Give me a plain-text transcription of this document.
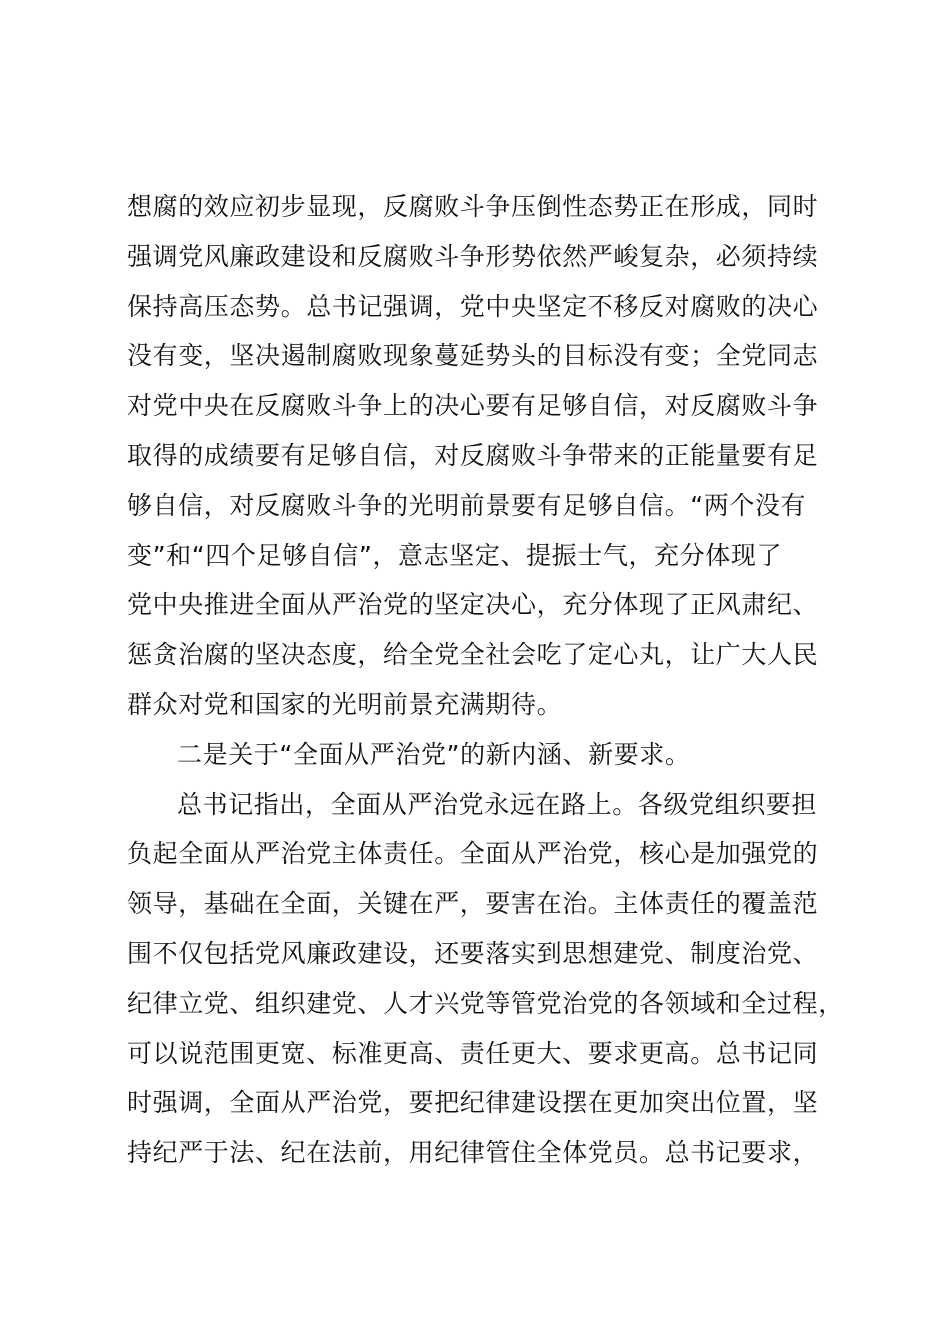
想腐的效应初步显现，反腐败斗争压倒性态势正在形成，同时
强调党风廉政建设和反腐败斗争形势依然严峻复杂，必须持续
保持高压态势。总书记强调，党中央坚定不移反对腐败的决心
没有变，坚决遏制腐败现象蔓延势头的目标没有变；全党同志
对党中央在反腐败斗争上的决心要有足够自信，对反腐败斗争
取得的成绩要有足够自信，对反腐败斗争带来的正能量要有足
够自信，对反腐败斗争的光明前景要有足够自信。“两个没有
变”和“四个足够自信”，意志坚定、提振士气，充分体现了
党中央推进全面从严治党的坚定决心，充分体现了正风肃纪、
惩贪治腐的坚决态度，给全党全社会吃了定心丸，让广大人民
群众对党和国家的光明前景充满期待。
二是关于“全面从严治党”的新内涵、新要求。
总书记指出，全面从严治党永远在路上。各级党组织要担
负起全面从严治党主体责任。全面从严治党，核心是加强党的
领导，基础在全面，关键在严，要害在治。主体责任的覆盖范
围不仅包括党风廉政建设，还要落实到思想建党、制度治党、
纪律立党、组织建党、人才兴党等管党治党的各领域和全过程，
可以说范围更宽、标准更高、责任更大、要求更高。总书记同
时强调，全面从严治党，要把纪律建设摆在更加突出位置，坚
持纪严于法、纪在法前，用纪律管住全体党员。总书记要求，
